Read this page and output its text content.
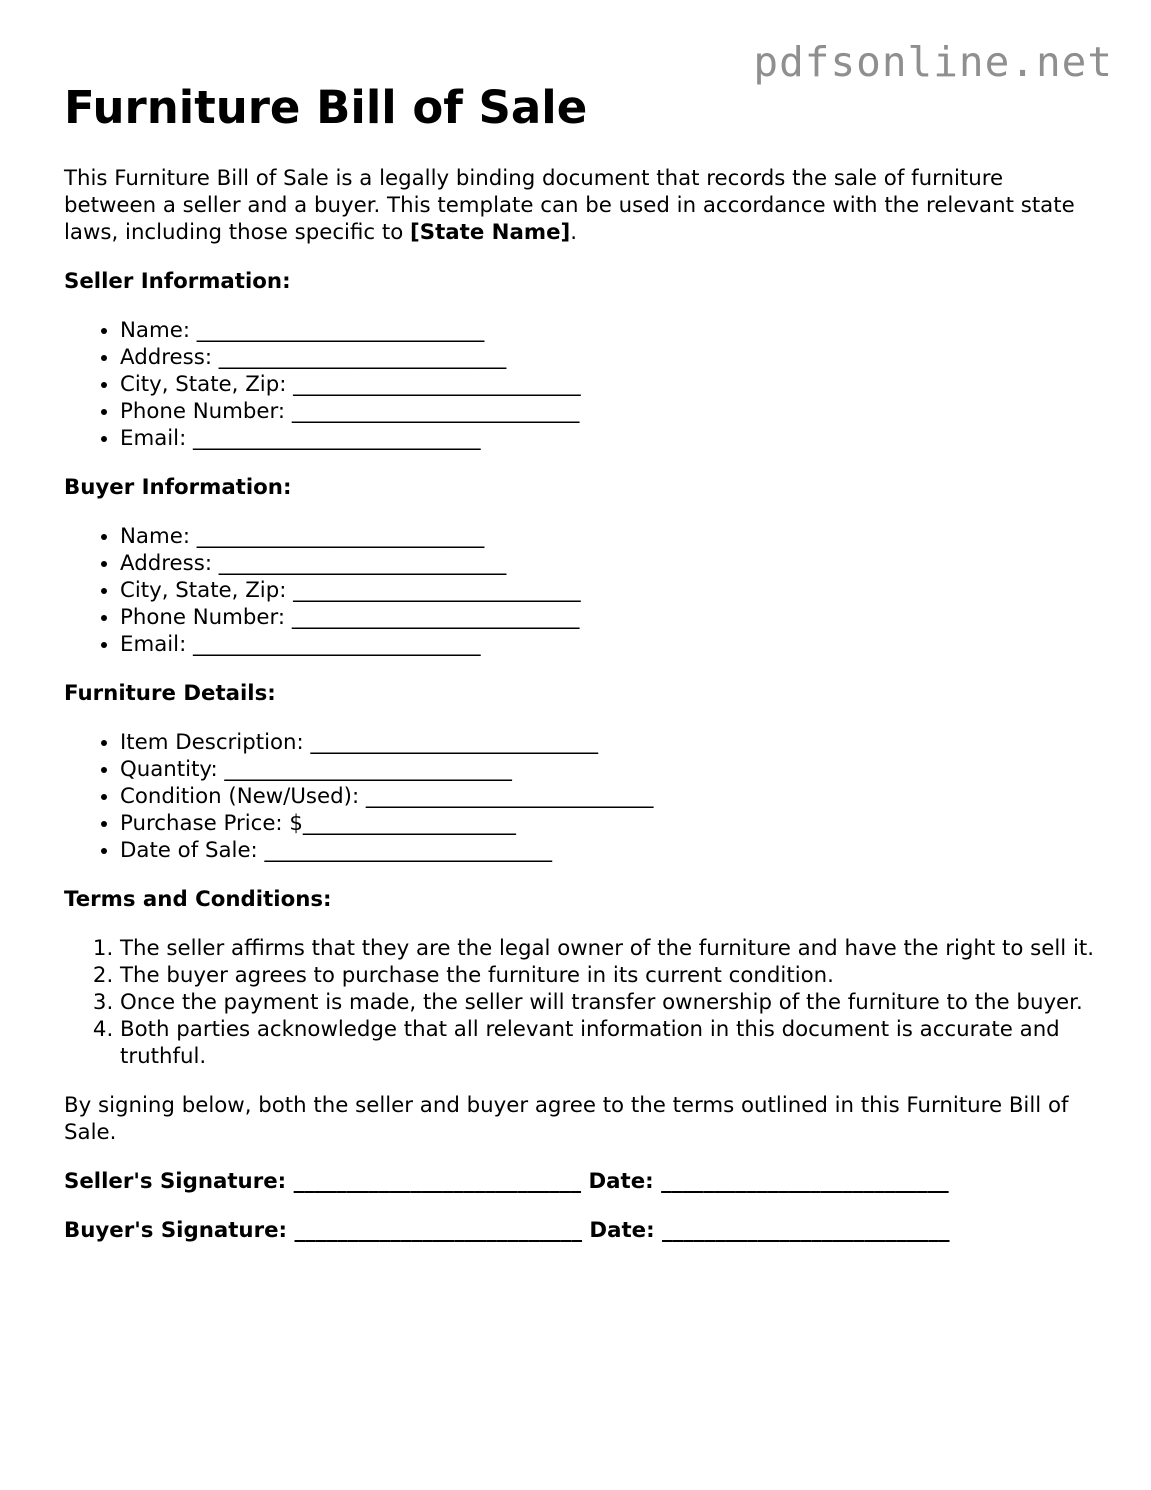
pdfsonline.net
Furniture Bill of Sale

This Furniture Bill of Sale is a legally binding document that records the sale of furniture between a seller and a buyer. This template can be used in accordance with the relevant state laws, including those specific to [State Name].

Seller Information:

• Name: ___________________________
• Address: ___________________________
• City, State, Zip: ___________________________
• Phone Number: ___________________________
• Email: ___________________________

Buyer Information:

• Name: ___________________________
• Address: ___________________________
• City, State, Zip: ___________________________
• Phone Number: ___________________________
• Email: ___________________________

Furniture Details:

• Item Description: ___________________________
• Quantity: ___________________________
• Condition (New/Used): ___________________________
• Purchase Price: $____________________
• Date of Sale: ___________________________

Terms and Conditions:

1. The seller affirms that they are the legal owner of the furniture and have the right to sell it.
2. The buyer agrees to purchase the furniture in its current condition.
3. Once the payment is made, the seller will transfer ownership of the furniture to the buyer.
4. Both parties acknowledge that all relevant information in this document is accurate and truthful.

By signing below, both the seller and buyer agree to the terms outlined in this Furniture Bill of Sale.

Seller's Signature: ___________________________ Date: ___________________________

Buyer's Signature: ___________________________ Date: ___________________________
